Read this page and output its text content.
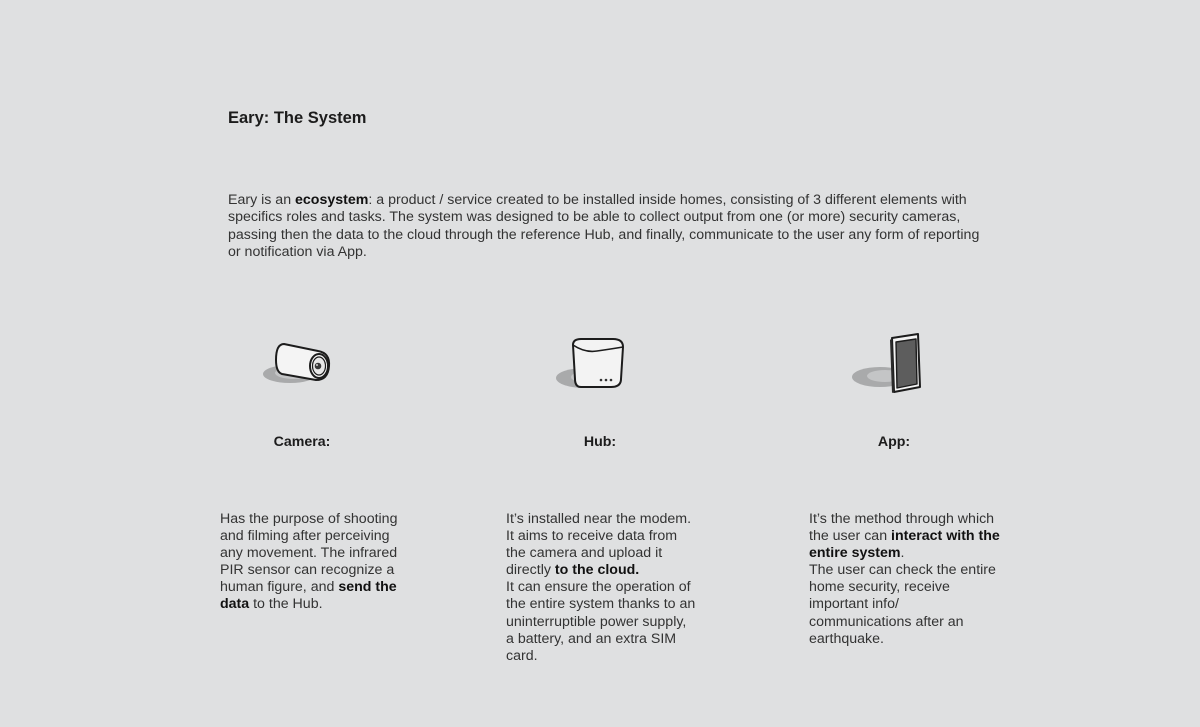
Eary: The System

Eary is an ecosystem: a product / service created to be installed inside homes, consisting of 3 different elements with specifics roles and tasks. The system was designed to be able to collect output from one (or more) security cameras, passing then the data to the cloud through the reference Hub, and finally, communicate to the user any form of reporting or notification via App.

Camera:	Hub:	App:

Has the purpose of shooting and filming after perceiving any movement. The infrared PIR sensor can recognize a human figure, and send the data to the Hub.

It’s installed near the modem. It aims to receive data from the camera and upload it directly to the cloud.

It can ensure the operation of the entire system thanks to an uninterruptible power supply, a battery, and an extra SIM card.

It’s the method through which the user can interact with the entire system.

The user can check the entire home security, receive important info/ communications after an earthquake.
